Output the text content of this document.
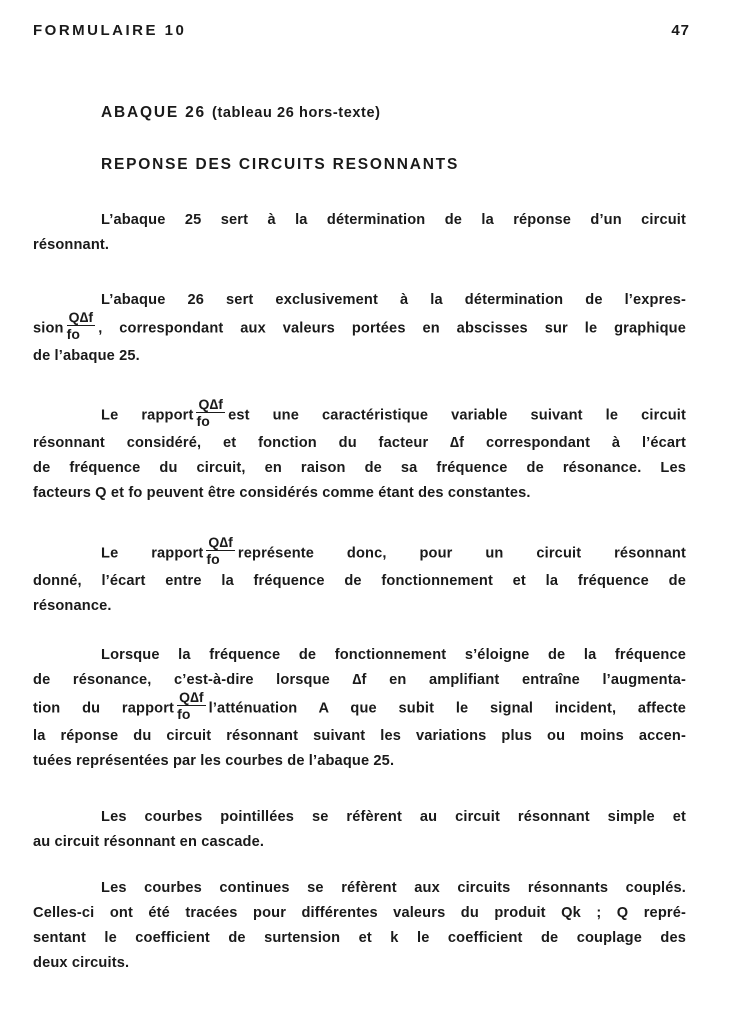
FORMULAIRE 10	47
ABAQUE 26 (tableau 26 hors-texte)
REPONSE DES CIRCUITS RESONNANTS
L’abaque 25 sert à la détermination de la réponse d’un circuit
résonnant.
L’abaque 26 sert exclusivement à la détermination de l’expres-
sion $\frac{Q\Delta f}{fo}$ , correspondant aux valeurs portées en abscisses sur le graphique
de l’abaque 25.
Le rapport $\frac{Q\Delta f}{fo}$ est une caractéristique variable suivant le circuit
résonnant considéré, et fonction du facteur ∆f correspondant à l’écart
de fréquence du circuit, en raison de sa fréquence de résonance. Les
facteurs Q et fo peuvent être considérés comme étant des constantes.
Le rapport $\frac{Q\Delta f}{fo}$ représente donc, pour un circuit résonnant
donné, l’écart entre la fréquence de fonctionnement et la fréquence de
résonance.
Lorsque la fréquence de fonctionnement s’éloigne de la fréquence
de résonance, c’est-à-dire lorsque ∆f en amplifiant entraîne l’augmenta-
tion du rapport $\frac{Q\Delta f}{fo}$ l’atténuation A que subit le signal incident, affecte
la réponse du circuit résonnant suivant les variations plus ou moins accen-
tuées représentées par les courbes de l’abaque 25.
Les courbes pointillées se réfèrent au circuit résonnant simple et
au circuit résonnant en cascade.
Les courbes continues se réfèrent aux circuits résonnants couplés.
Celles-ci ont été tracées pour différentes valeurs du produit Qk ; Q repré-
sentant le coefficient de surtension et k le coefficient de couplage des
deux circuits.
